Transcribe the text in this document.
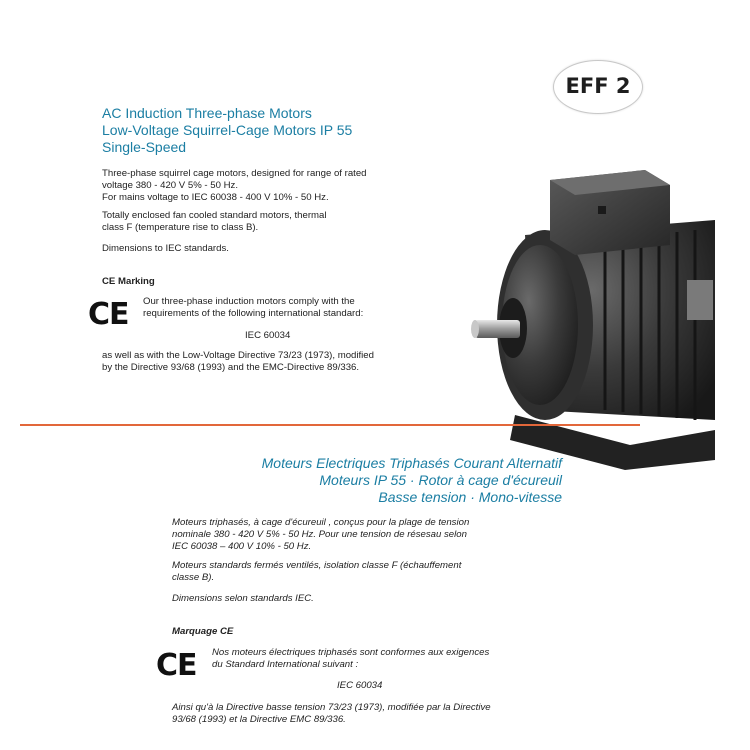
EFF 2
AC Induction Three-phase Motors
Low-Voltage Squirrel-Cage Motors IP 55
Single-Speed
Three-phase squirrel cage motors, designed for range of rated
voltage 380 - 420 V 5% - 50 Hz.
For mains voltage to IEC 60038 - 400 V 10% - 50 Hz.
Totally enclosed fan cooled standard motors, thermal
class F (temperature rise to class B).
Dimensions to IEC standards.
CE Marking
CE Our three-phase induction motors comply with the
requirements of the following international standard:
IEC 60034
as well as with the Low-Voltage Directive 73/23 (1973), modified
by the Directive 93/68 (1993) and the EMC-Directive 89/336.
Moteurs Electriques Triphasés Courant Alternatif
Moteurs IP 55 · Rotor à cage d'écureuil
Basse tension · Mono-vitesse
Moteurs triphasés, à cage d'écureuil , conçus pour la plage de tension
nominale 380 - 420 V 5% - 50 Hz. Pour une tension de résesau selon
IEC 60038 – 400 V 10% - 50 Hz.
Moteurs standards fermés ventilés, isolation classe F (échauffement
classe B).
Dimensions selon standards IEC.
Marquage CE
CE Nos moteurs électriques triphasés sont conformes aux exigences
du Standard International suivant :
IEC 60034
Ainsi qu'à la Directive basse tension 73/23 (1973), modifiée par la Directive
93/68 (1993) et la Directive EMC 89/336.
